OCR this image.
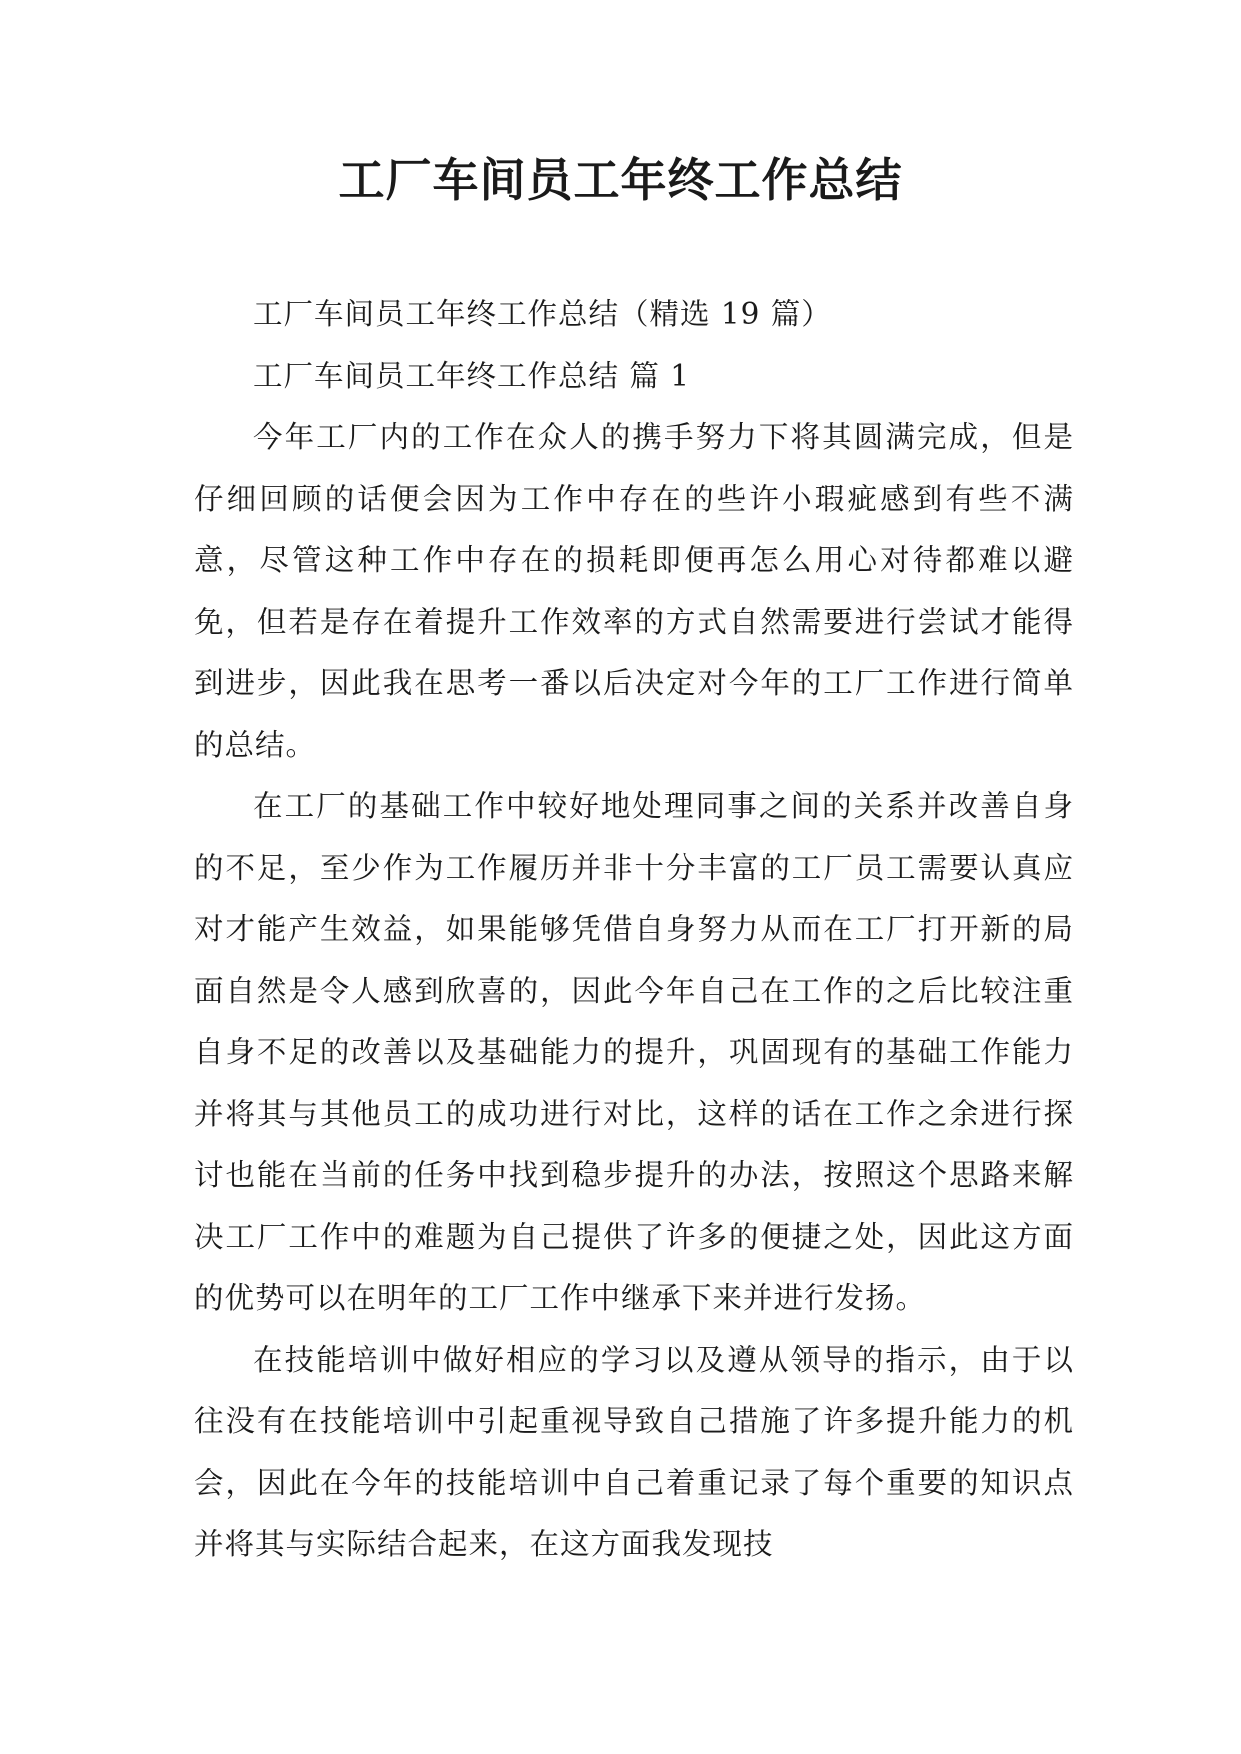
工厂车间员工年终工作总结

工厂车间员工年终工作总结（精选 19 篇）

工厂车间员工年终工作总结 篇 1

今年工厂内的工作在众人的携手努力下将其圆满完成，但是仔细回顾的话便会因为工作中存在的些许小瑕疵感到有些不满意，尽管这种工作中存在的损耗即便再怎么用心对待都难以避免，但若是存在着提升工作效率的方式自然需要进行尝试才能得到进步，因此我在思考一番以后决定对今年的工厂工作进行简单的总结。

在工厂的基础工作中较好地处理同事之间的关系并改善自身的不足，至少作为工作履历并非十分丰富的工厂员工需要认真应对才能产生效益，如果能够凭借自身努力从而在工厂打开新的局面自然是令人感到欣喜的，因此今年自己在工作的之后比较注重自身不足的改善以及基础能力的提升，巩固现有的基础工作能力并将其与其他员工的成功进行对比，这样的话在工作之余进行探讨也能在当前的任务中找到稳步提升的办法，按照这个思路来解决工厂工作中的难题为自己提供了许多的便捷之处，因此这方面的优势可以在明年的工厂工作中继承下来并进行发扬。

在技能培训中做好相应的学习以及遵从领导的指示，由于以往没有在技能培训中引起重视导致自己措施了许多提升能力的机会，因此在今年的技能培训中自己着重记录了每个重要的知识点并将其与实际结合起来，在这方面我发现技
